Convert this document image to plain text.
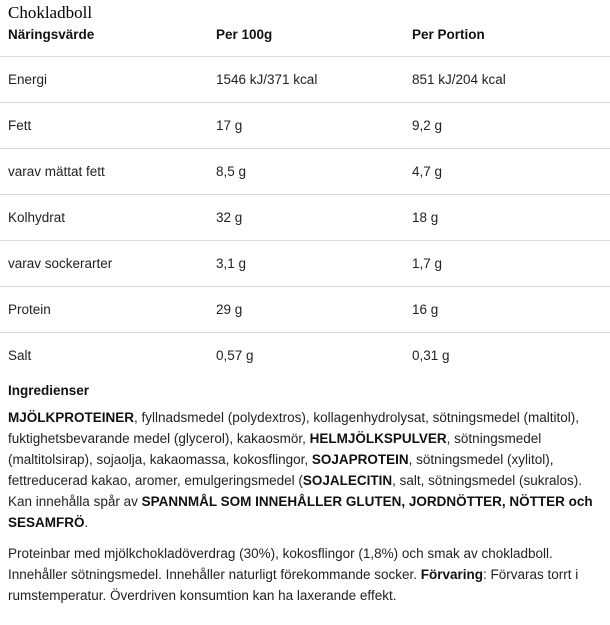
Näringsvärde	Per 100g	Per Portion
Energi	1546 kJ/371 kcal	851 kJ/204 kcal
Fett	17 g	9,2 g
varav mättat fett	8,5 g	4,7 g
Kolhydrat	32 g	18 g
varav sockerarter	3,1 g	1,7 g
Protein	29 g	16 g
Salt	0,57 g	0,31 g
Chokladboll
Ingredienser
MJÖLKPROTEINER, fyllnadsmedel (polydextros), kollagenhydrolysat, sötningsmedel (maltitol), fuktighetsbevarande medel (glycerol), kakaosmör, HELMJÖLKSPULVER, sötningsmedel (maltitolsirap), sojaolja, kakaomassa, kokosflingor, SOJAPROTEIN, sötningsmedel (xylitol), fettreducerad kakao, aromer, emulgeringsmedel (SOJALECITIN, salt, sötningsmedel (sukralos). Kan innehålla spår av SPANNMÅL SOM INNEHÅLLER GLUTEN, JORDNÖTTER, NÖTTER och SESAMFRÖ.
Proteinbar med mjölkchokladöverdrag (30%), kokosflingor (1,8%) och smak av chokladboll. Innehåller sötningsmedel. Innehåller naturligt förekommande socker. Förvaring: Förvaras torrt i rumstemperatur. Överdriven konsumtion kan ha laxerande effekt.
